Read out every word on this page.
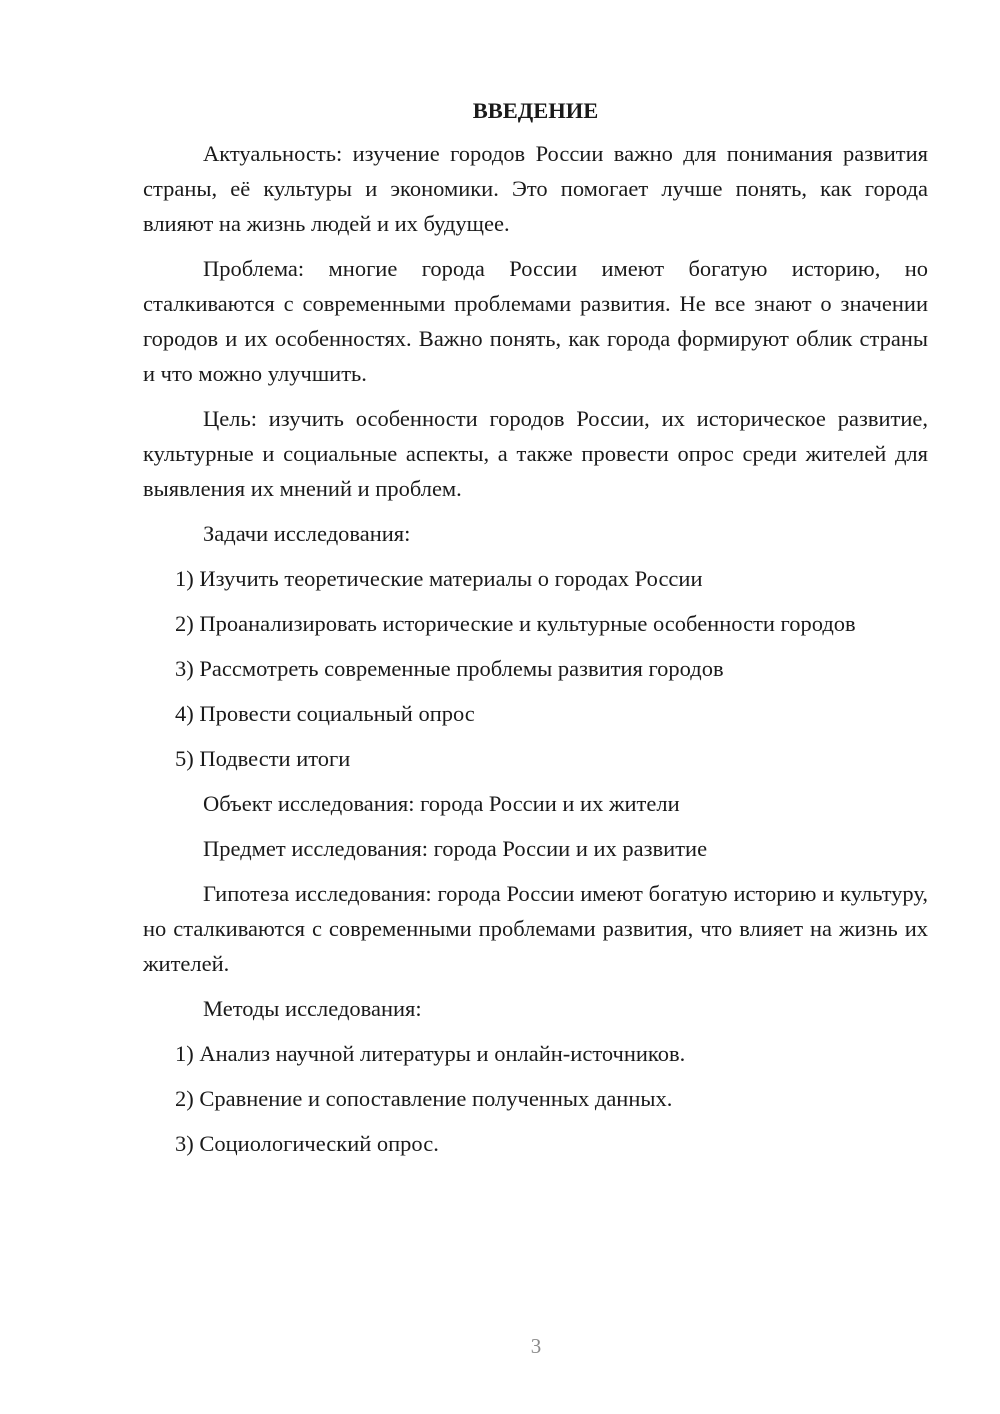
ВВЕДЕНИЕ

Актуальность: изучение городов России важно для понимания развития страны, её культуры и экономики. Это помогает лучше понять, как города влияют на жизнь людей и их будущее.

Проблема: многие города России имеют богатую историю, но сталкиваются с современными проблемами развития. Не все знают о значении городов и их особенностях. Важно понять, как города формируют облик страны и что можно улучшить.

Цель: изучить особенности городов России, их историческое развитие, культурные и социальные аспекты, а также провести опрос среди жителей для выявления их мнений и проблем.

Задачи исследования:

1) Изучить теоретические материалы о городах России

2) Проанализировать исторические и культурные особенности городов

3) Рассмотреть современные проблемы развития городов

4) Провести социальный опрос

5) Подвести итоги

Объект исследования: города России и их жители

Предмет исследования: города России и их развитие

Гипотеза исследования: города России имеют богатую историю и культуру, но сталкиваются с современными проблемами развития, что влияет на жизнь их жителей.

Методы исследования:

1) Анализ научной литературы и онлайн-источников.

2) Сравнение и сопоставление полученных данных.

3) Социологический опрос.

3
